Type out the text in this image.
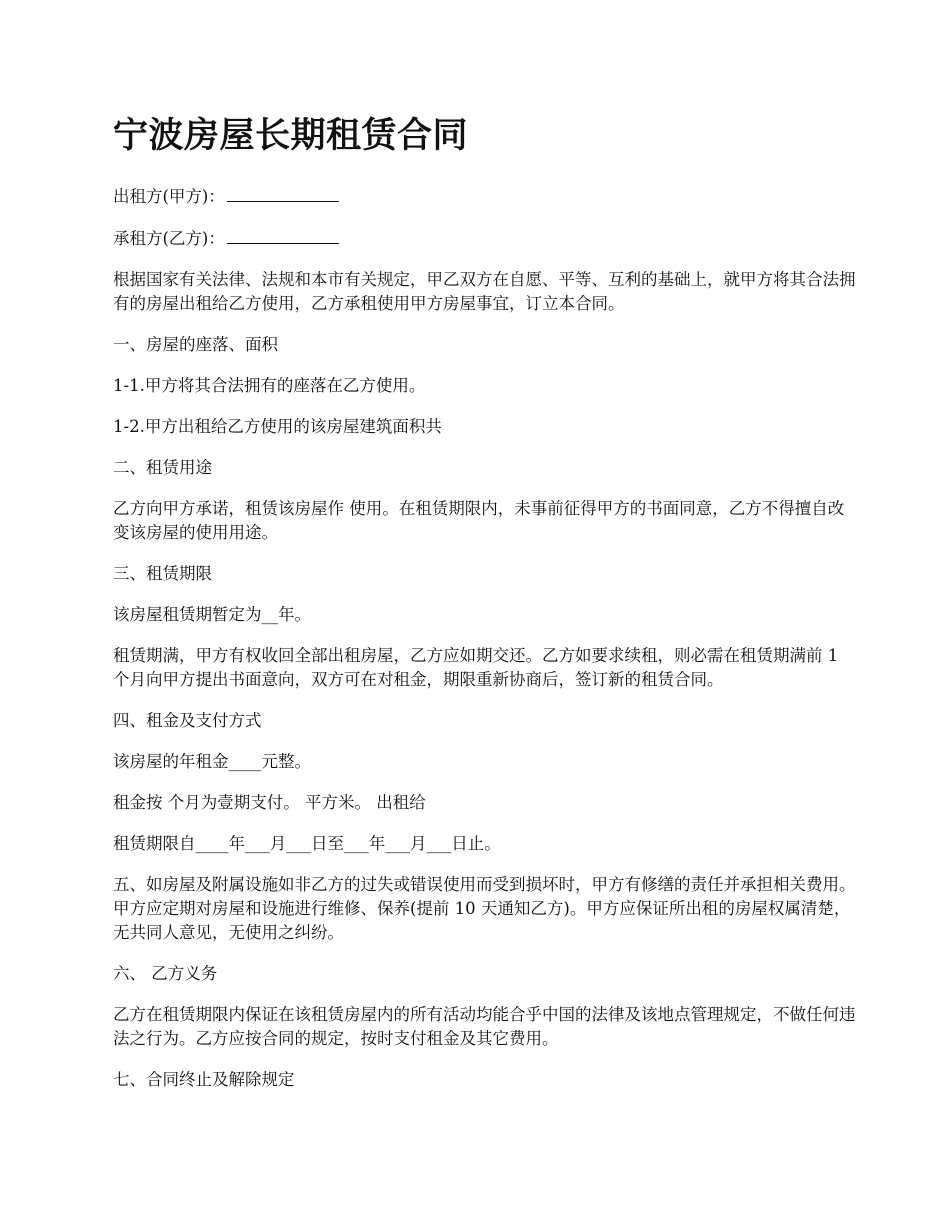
宁波房屋长期租赁合同

出租方(甲方)：

承租方(乙方)：

根据国家有关法律、法规和本市有关规定，甲乙双方在自愿、平等、互利的基础上，就甲方将其合法拥有的房屋出租给乙方使用，乙方承租使用甲方房屋事宜，订立本合同。

一、房屋的座落、面积

1-1.甲方将其合法拥有的座落在乙方使用。

1-2.甲方出租给乙方使用的该房屋建筑面积共

二、租赁用途

乙方向甲方承诺，租赁该房屋作 使用。在租赁期限内，未事前征得甲方的书面同意，乙方不得擅自改变该房屋的使用用途。

三、租赁期限

该房屋租赁期暂定为__年。

租赁期满，甲方有权收回全部出租房屋，乙方应如期交还。乙方如要求续租，则必需在租赁期满前 1 个月向甲方提出书面意向，双方可在对租金，期限重新协商后，签订新的租赁合同。

四、租金及支付方式

该房屋的年租金____元整。

租金按 个月为壹期支付。 平方米。 出租给

租赁期限自____年___月___日至___年___月___日止。

五、如房屋及附属设施如非乙方的过失或错误使用而受到损坏时，甲方有修缮的责任并承担相关费用。 甲方应定期对房屋和设施进行维修、保养(提前 10 天通知乙方)。甲方应保证所出租的房屋权属清楚，无共同人意见，无使用之纠纷。

六、 乙方义务

乙方在租赁期限内保证在该租赁房屋内的所有活动均能合乎中国的法律及该地点管理规定，不做任何违法之行为。乙方应按合同的规定，按时支付租金及其它费用。

七、合同终止及解除规定
